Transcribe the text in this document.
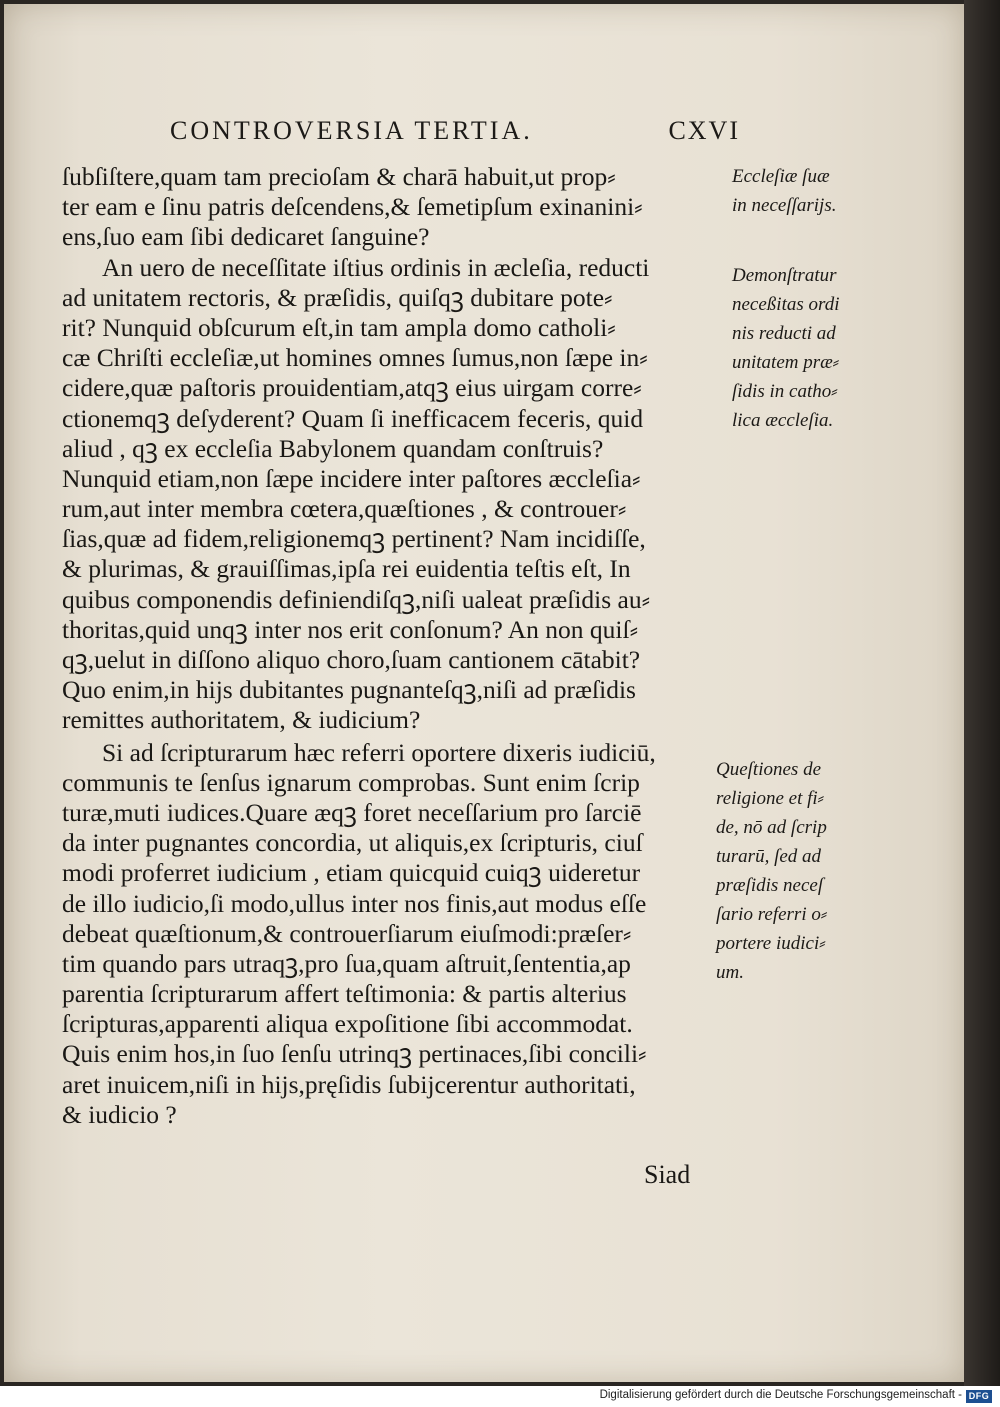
CONTROVERSIA TERTIA.	CXVI
ſubſiſtere,quam tam precioſam & charā habuit,ut prop⸗
ter eam e ſinu patris deſcendens,& ſemetipſum exinanini⸗
ens,ſuo eam ſibi dedicaret ſanguine?
An uero de neceſſitate iſtius ordinis in æcleſia, reducti
ad unitatem rectoris, & præſidis, quiſqꝫ dubitare pote⸗
rit? Nunquid obſcurum eſt,in tam ampla domo catholi⸗
cæ Chriſti eccleſiæ,ut homines omnes ſumus,non ſæpe in⸗
cidere,quæ paſtoris prouidentiam,atqꝫ eius uirgam corre⸗
ctionemqꝫ deſyderent? Quam ſi inefficacem feceris, quid
aliud , qꝫ ex eccleſia Babylonem quandam conſtruis?
Nunquid etiam,non ſæpe incidere inter paſtores æccleſia⸗
rum,aut inter membra cœtera,quæſtiones , & controuer⸗
ſias,quæ ad fidem,religionemqꝫ pertinent? Nam incidiſſe,
& plurimas, & grauiſſimas,ipſa rei euidentia teſtis eſt, In
quibus componendis definiendiſqꝫ,niſi ualeat præſidis au⸗
thoritas,quid unqꝫ inter nos erit conſonum? An non quiſ⸗
qꝫ,uelut in diſſono aliquo choro,ſuam cantionem cātabit?
Quo enim,in hijs dubitantes pugnanteſqꝫ,niſi ad præſidis
remittes authoritatem, & iudicium?
Si ad ſcripturarum hæc referri oportere dixeris iudiciū,
communis te ſenſus ignarum comprobas. Sunt enim ſcrip
turæ,muti iudices.Quare æqꝫ foret neceſſarium pro ſarciē
da inter pugnantes concordia, ut aliquis,ex ſcripturis, ciuſ
modi proferret iudicium , etiam quicquid cuiqꝫ uideretur
de illo iudicio,ſi modo,ullus inter nos finis,aut modus eſſe
debeat quæſtionum,& controuerſiarum eiuſmodi:præſer⸗
tim quando pars utraqꝫ,pro ſua,quam aſtruit,ſententia,ap
parentia ſcripturarum affert teſtimonia: & partis alterius
ſcripturas,apparenti aliqua expoſitione ſibi accommodat.
Quis enim hos,in ſuo ſenſu utrinqꝫ pertinaces,ſibi concili⸗
aret inuicem,niſi in hijs,pręſidis ſubijcerentur authoritati,
& iudicio ?
Eccleſiæ ſuæ
in neceſſarijs.
Demonſtratur
neceßitas ordi
nis reducti ad
unitatem præ⸗
ſidis in catho⸗
lica æccleſia.
Queſtiones de
religione et fi⸗
de, nō ad ſcrip
turarū, ſed ad
præſidis neceſ
ſario referri o⸗
portere iudici⸗
um.
Siad
Digitalisierung gefördert durch die Deutsche Forschungsgemeinschaft - DFG
